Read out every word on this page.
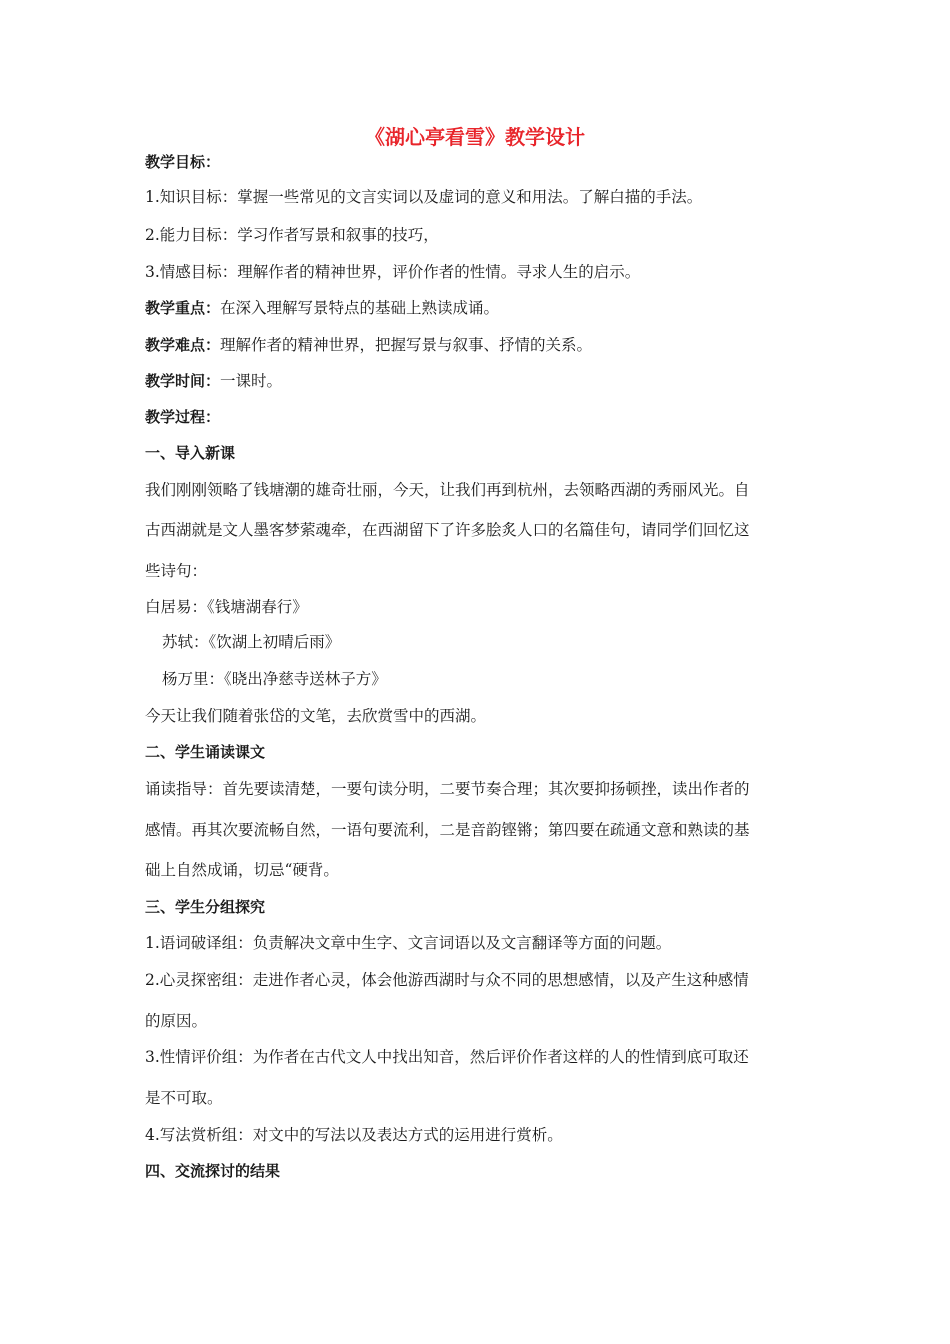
《湖心亭看雪》教学设计
教学目标：
1.知识目标：掌握一些常见的文言实词以及虚词的意义和用法。了解白描的手法。
2.能力目标：学习作者写景和叙事的技巧，
3.情感目标：理解作者的精神世界，评价作者的性情。寻求人生的启示。
教学重点：在深入理解写景特点的基础上熟读成诵。
教学难点：理解作者的精神世界，把握写景与叙事、抒情的关系。
教学时间：一课时。
教学过程：
一、导入新课
我们刚刚领略了钱塘潮的雄奇壮丽，今天，让我们再到杭州，去领略西湖的秀丽风光。自
古西湖就是文人墨客梦萦魂牵，在西湖留下了许多脍炙人口的名篇佳句，请同学们回忆这
些诗句：
白居易：《钱塘湖春行》
苏轼：《饮湖上初晴后雨》
杨万里：《晓出净慈寺送林子方》
今天让我们随着张岱的文笔，去欣赏雪中的西湖。
二、学生诵读课文
诵读指导：首先要读清楚，一要句读分明，二要节奏合理；其次要抑扬顿挫，读出作者的
感情。再其次要流畅自然，一语句要流利，二是音韵铿锵；第四要在疏通文意和熟读的基
础上自然成诵，切忌“硬背。
三、学生分组探究
1.语词破译组：负责解决文章中生字、文言词语以及文言翻译等方面的问题。
2.心灵探密组：走进作者心灵，体会他游西湖时与众不同的思想感情，以及产生这种感情
的原因。
3.性情评价组：为作者在古代文人中找出知音，然后评价作者这样的人的性情到底可取还
是不可取。
4.写法赏析组：对文中的写法以及表达方式的运用进行赏析。
四、交流探讨的结果
